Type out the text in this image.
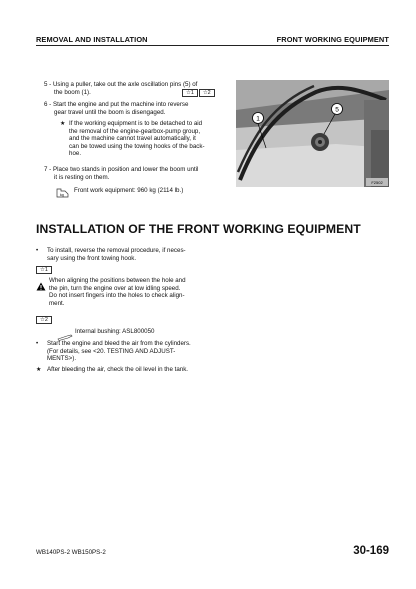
REMOVAL AND INSTALLATION	FRONT WORKING EQUIPMENT
5 - Using a puller, take out the axle oscillation pins (5) of
the boom (1).	☆1	☆2
6 - Start the engine and put the machine into reverse
gear travel until the boom is disengaged.
★ If the working equipment is to be detached to aid
the removal of the engine-gearbox-pump group,
and the machine cannot travel automatically, it
can be towed using the towing hooks of the back-
hoe.
7 - Place two stands in position and lower the boom until
it is resting on them.
kg
Front work equipment: 960 kg (2114 lb.)
1
5
F2502
INSTALLATION OF THE FRONT WORKING EQUIPMENT
• To install, reverse the removal procedure, if neces-
sary using the front towing hook.
☆1
When aligning the positions between the hole and
the pin, turn the engine over at low idling speed.
Do not insert fingers into the holes to check align-
ment.
☆2
Internal bushing: ASL800050
• Start the engine and bleed the air from the cylinders.
(For details, see <20. TESTING AND ADJUST-
MENTS>).
★ After bleeding the air, check the oil level in the tank.
WB140PS-2 WB150PS-2	30-169
